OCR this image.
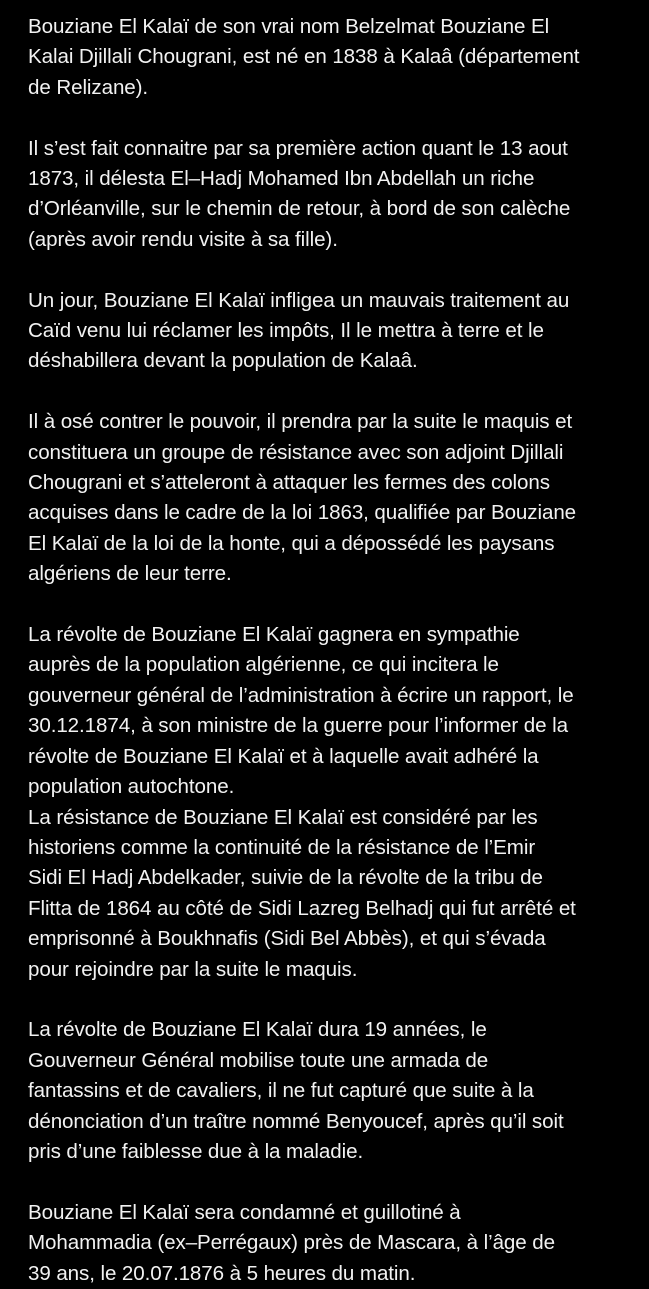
Bouziane El Kalaï de son vrai nom Belzelmat Bouziane El
Kalai Djillali Chougrani, est né en 1838 à Kalaâ (département
de Relizane).
Il s’est fait connaitre par sa première action quant le 13 aout
1873, il délesta El–Hadj Mohamed Ibn Abdellah un riche
d’Orléanville, sur le chemin de retour, à bord de son calèche
(après avoir rendu visite à sa fille).
Un jour, Bouziane El Kalaï infligea un mauvais traitement au
Caïd venu lui réclamer les impôts, Il le mettra à terre et le
déshabillera devant la population de Kalaâ.
Il à osé contrer le pouvoir, il prendra par la suite le maquis et
constituera un groupe de résistance avec son adjoint Djillali
Chougrani et s’atteleront à attaquer les fermes des colons
acquises dans le cadre de la loi 1863, qualifiée par Bouziane
El Kalaï de la loi de la honte, qui a dépossédé les paysans
algériens de leur terre.
La révolte de Bouziane El Kalaï gagnera en sympathie
auprès de la population algérienne, ce qui incitera le
gouverneur général de l’administration à écrire un rapport, le
30.12.1874, à son ministre de la guerre pour l’informer de la
révolte de Bouziane El Kalaï et à laquelle avait adhéré la
population autochtone.
La résistance de Bouziane El Kalaï est considéré par les
historiens comme la continuité de la résistance de l’Emir
Sidi El Hadj Abdelkader, suivie de la révolte de la tribu de
Flitta de 1864 au côté de Sidi Lazreg Belhadj qui fut arrêté et
emprisonné à Boukhnafis (Sidi Bel Abbès), et qui s’évada
pour rejoindre par la suite le maquis.
La révolte de Bouziane El Kalaï dura 19 années, le
Gouverneur Général mobilise toute une armada de
fantassins et de cavaliers, il ne fut capturé que suite à la
dénonciation d’un traître nommé Benyoucef, après qu’il soit
pris d’une faiblesse due à la maladie.
Bouziane El Kalaï sera condamné et guillotiné à
Mohammadia (ex–Perrégaux) près de Mascara, à l’âge de
39 ans, le 20.07.1876 à 5 heures du matin.
